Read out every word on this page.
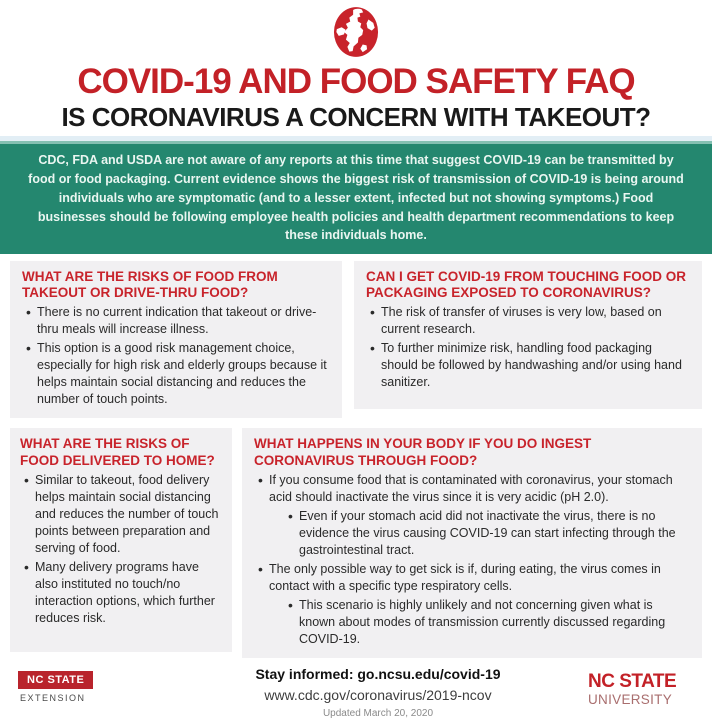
COVID-19 AND FOOD SAFETY FAQ
IS CORONAVIRUS A CONCERN WITH TAKEOUT?

CDC, FDA and USDA are not aware of any reports at this time that suggest COVID-19 can be transmitted by food or food packaging. Current evidence shows the biggest risk of transmission of COVID-19 is being around individuals who are symptomatic (and to a lesser extent, infected but not showing symptoms.) Food businesses should be following employee health policies and health department recommendations to keep these individuals home.

WHAT ARE THE RISKS OF FOOD FROM TAKEOUT OR DRIVE-THRU FOOD?
• There is no current indication that takeout or drive-thru meals will increase illness.
• This option is a good risk management choice, especially for high risk and elderly groups because it helps maintain social distancing and reduces the number of touch points.
CAN I GET COVID-19 FROM TOUCHING FOOD OR PACKAGING EXPOSED TO CORONAVIRUS?
• The risk of transfer of viruses is very low, based on current research.
• To further minimize risk, handling food packaging should be followed by handwashing and/or using hand sanitizer.
WHAT ARE THE RISKS OF FOOD DELIVERED TO HOME?
• Similar to takeout, food delivery helps maintain social distancing and reduces the number of touch points between preparation and serving of food.
• Many delivery programs have also instituted no touch/no interaction options, which further reduces risk.
WHAT HAPPENS IN YOUR BODY IF YOU DO INGEST CORONAVIRUS THROUGH FOOD?
• If you consume food that is contaminated with coronavirus, your stomach acid should inactivate the virus since it is very acidic (pH 2.0).
• Even if your stomach acid did not inactivate the virus, there is no evidence the virus causing COVID-19 can start infecting through the gastrointestinal tract.
• The only possible way to get sick is if, during eating, the virus comes in contact with a specific type respiratory cells.
• This scenario is highly unlikely and not concerning given what is known about modes of transmission currently discussed regarding COVID-19.
NC STATE
EXTENSION
Stay informed: go.ncsu.edu/covid-19
www.cdc.gov/coronavirus/2019-ncov
Updated March 20, 2020
NC STATE
UNIVERSITY
